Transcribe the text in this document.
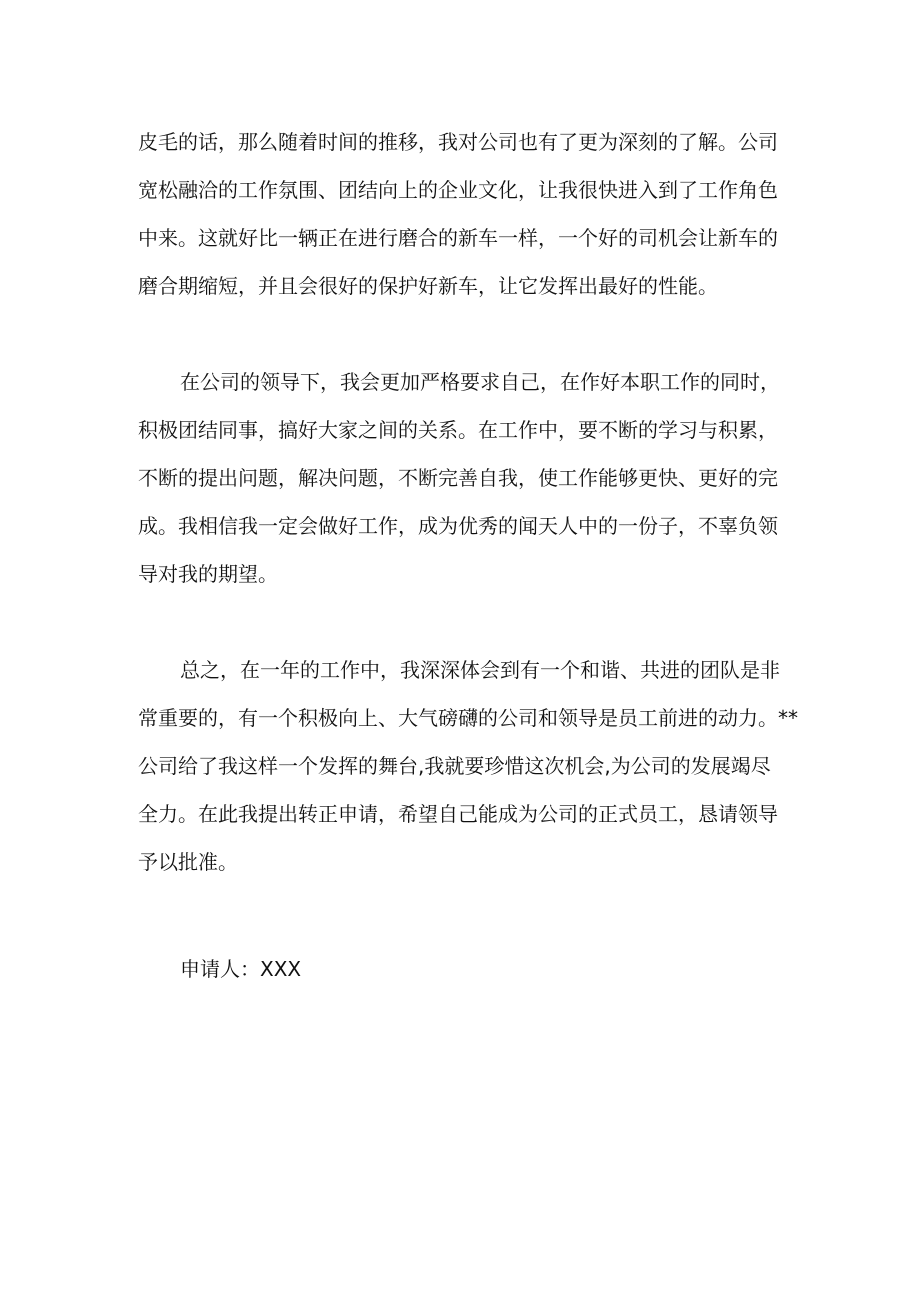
皮毛的话，那么随着时间的推移，我对公司也有了更为深刻的了解。公司
宽松融洽的工作氛围、团结向上的企业文化，让我很快进入到了工作角色
中来。这就好比一辆正在进行磨合的新车一样，一个好的司机会让新车的
磨合期缩短，并且会很好的保护好新车，让它发挥出最好的性能。
在公司的领导下，我会更加严格要求自己，在作好本职工作的同时，
积极团结同事，搞好大家之间的关系。在工作中，要不断的学习与积累，
不断的提出问题，解决问题，不断完善自我，使工作能够更快、更好的完
成。我相信我一定会做好工作，成为优秀的闻天人中的一份子，不辜负领
导对我的期望。
总之，在一年的工作中，我深深体会到有一个和谐、共进的团队是非
常重要的，有一个积极向上、大气磅礴的公司和领导是员工前进的动力。**
公司给了我这样一个发挥的舞台,我就要珍惜这次机会,为公司的发展竭尽
全力。在此我提出转正申请，希望自己能成为公司的正式员工，恳请领导
予以批准。
申请人：XXX
